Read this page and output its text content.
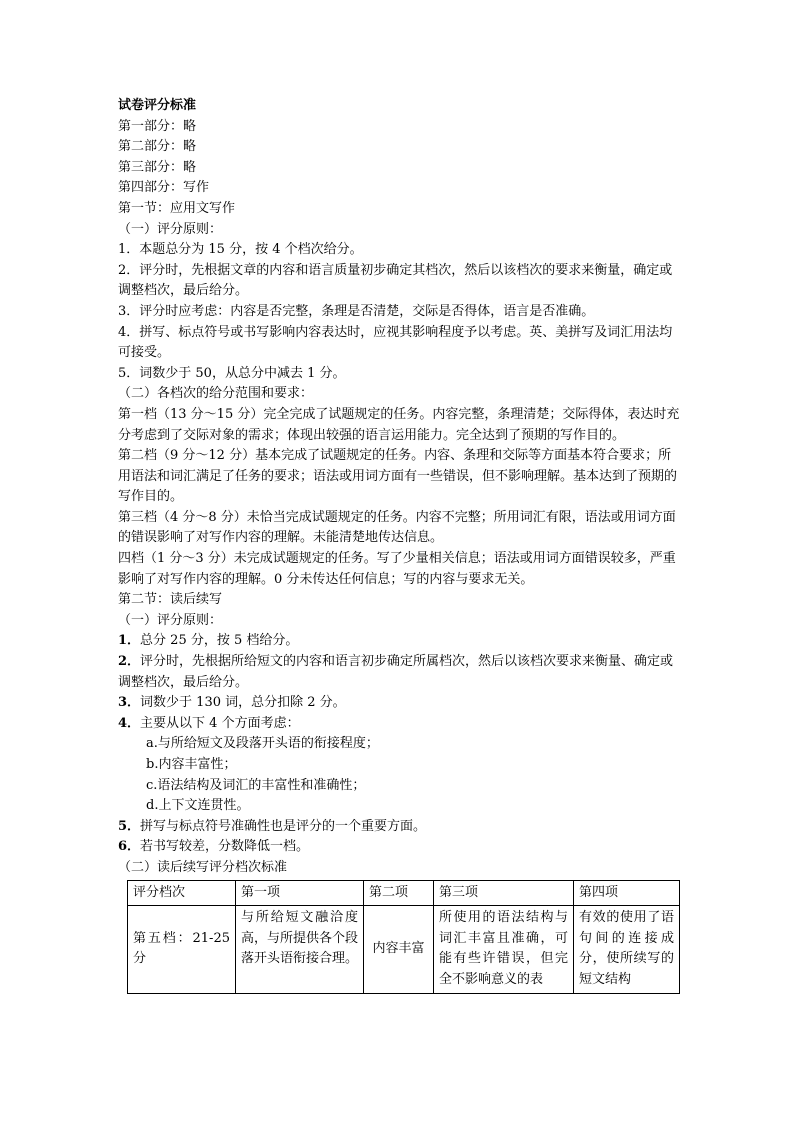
试卷评分标准
第一部分：略
第二部分：略
第三部分：略
第四部分：写作
第一节：应用文写作
（一）评分原则：
1．本题总分为 15 分，按 4 个档次给分。
2．评分时，先根据文章的内容和语言质量初步确定其档次，然后以该档次的要求来衡量，确定或调整档次，最后给分。
3．评分时应考虑：内容是否完整，条理是否清楚，交际是否得体，语言是否准确。
4．拼写、标点符号或书写影响内容表达时，应视其影响程度予以考虑。英、美拼写及词汇用法均可接受。
5．词数少于 50，从总分中减去 1 分。
（二）各档次的给分范围和要求：
第一档（13 分～15 分）完全完成了试题规定的任务。内容完整，条理清楚；交际得体，表达时充分考虑到了交际对象的需求；体现出较强的语言运用能力。完全达到了预期的写作目的。
第二档（9 分～12 分）基本完成了试题规定的任务。内容、条理和交际等方面基本符合要求；所用语法和词汇满足了任务的要求；语法或用词方面有一些错误，但不影响理解。基本达到了预期的写作目的。
第三档（4 分～8 分）未恰当完成试题规定的任务。内容不完整；所用词汇有限，语法或用词方面的错误影响了对写作内容的理解。未能清楚地传达信息。
四档（1 分～3 分）未完成试题规定的任务。写了少量相关信息；语法或用词方面错误较多，严重影响了对写作内容的理解。0 分未传达任何信息；写的内容与要求无关。
第二节：读后续写
（一）评分原则：
1．总分 25 分，按 5 档给分。
2．评分时，先根据所给短文的内容和语言初步确定所属档次，然后以该档次要求来衡量、确定或调整档次，最后给分。
3．词数少于 130 词，总分扣除 2 分。
4．主要从以下 4 个方面考虑：
a.与所给短文及段落开头语的衔接程度；
b.内容丰富性；
c.语法结构及词汇的丰富性和准确性；
d.上下文连贯性。
5．拼写与标点符号准确性也是评分的一个重要方面。
6．若书写较差，分数降低一档。
（二）读后续写评分档次标准
评分档次	第一项	第二项	第三项	第四项
第五档：21-25 分	与所给短文融洽度高，与所提供各个段落开头语衔接合理。	内容丰富	所使用的语法结构与词汇丰富且准确，可能有些许错误，但完全不影响意义的表	有效的使用了语句间的连接成分，使所续写的短文结构
